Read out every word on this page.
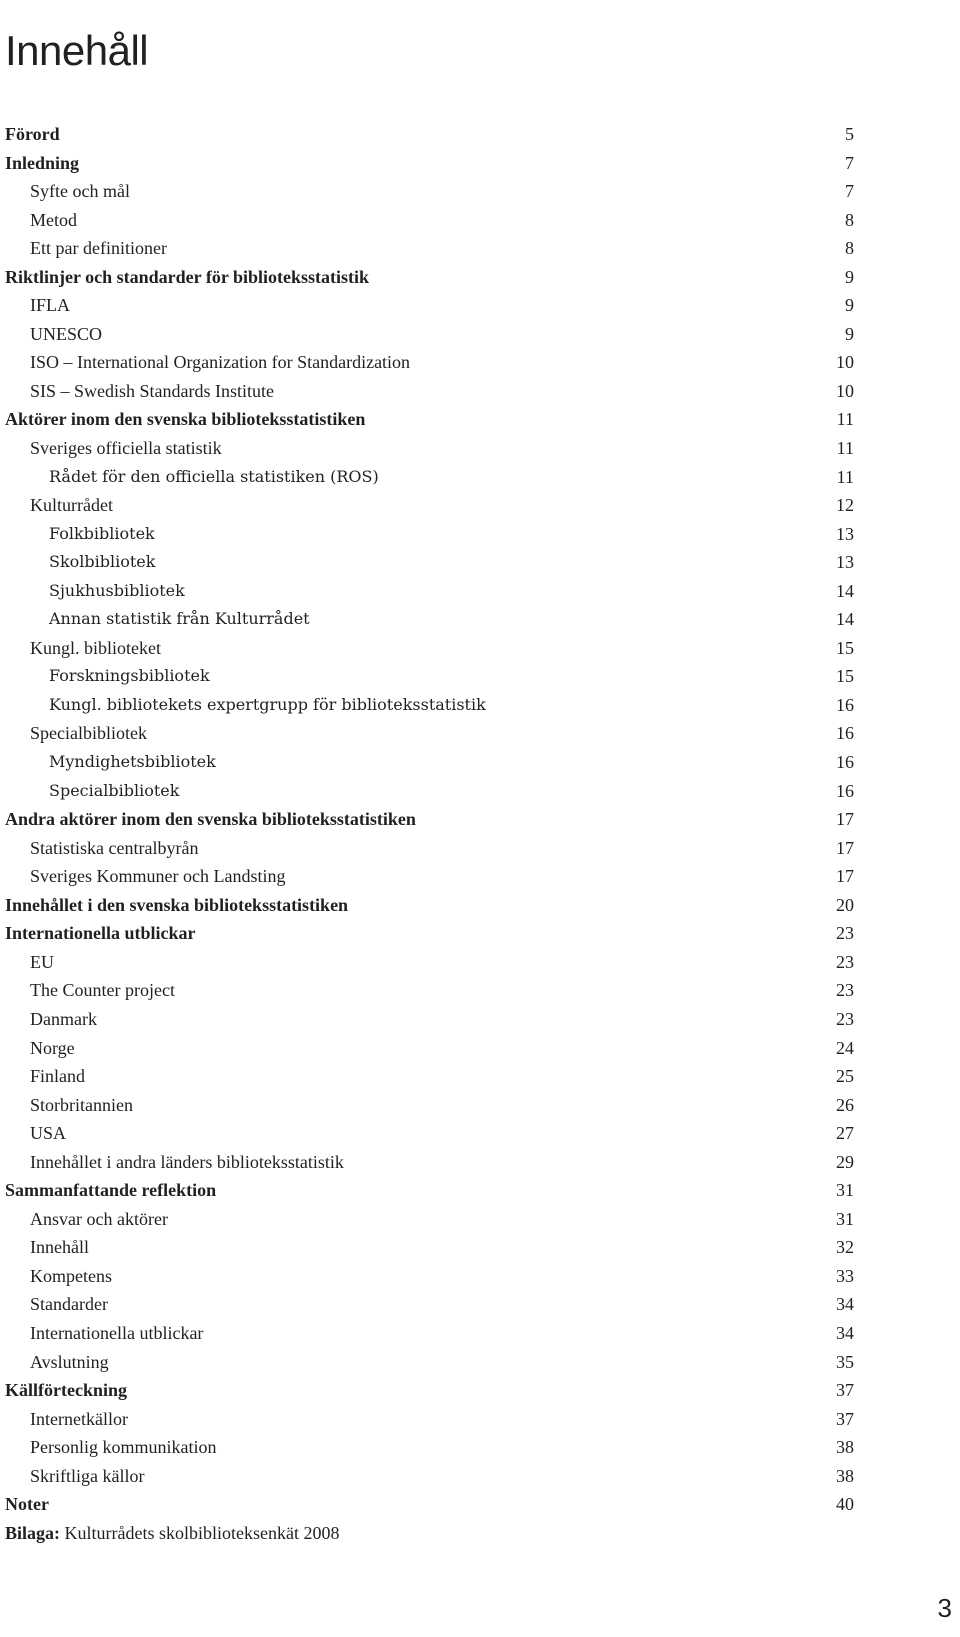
Innehåll
Förord	5
Inledning	7
Syfte och mål	7
Metod	8
Ett par definitioner	8
Riktlinjer och standarder för biblioteksstatistik	9
IFLA	9
UNESCO	9
ISO – International Organization for Standardization	10
SIS – Swedish Standards Institute	10
Aktörer inom den svenska biblioteksstatistiken	11
Sveriges officiella statistik	11
Rådet för den officiella statistiken (ROS)	11
Kulturrådet	12
Folkbibliotek	13
Skolbibliotek	13
Sjukhusbibliotek	14
Annan statistik från Kulturrådet	14
Kungl. biblioteket	15
Forskningsbibliotek	15
Kungl. bibliotekets expertgrupp för biblioteksstatistik	16
Specialbibliotek	16
Myndighetsbibliotek	16
Specialbibliotek	16
Andra aktörer inom den svenska biblioteksstatistiken	17
Statistiska centralbyrån	17
Sveriges Kommuner och Landsting	17
Innehållet i den svenska biblioteksstatistiken	20
Internationella utblickar	23
EU	23
The Counter project	23
Danmark	23
Norge	24
Finland	25
Storbritannien	26
USA	27
Innehållet i andra länders biblioteksstatistik	29
Sammanfattande reflektion	31
Ansvar och aktörer	31
Innehåll	32
Kompetens	33
Standarder	34
Internationella utblickar	34
Avslutning	35
Källförteckning	37
Internetkällor	37
Personlig kommunikation	38
Skriftliga källor	38
Noter	40
Bilaga: Kulturrådets skolbiblioteksenkät 2008
3
